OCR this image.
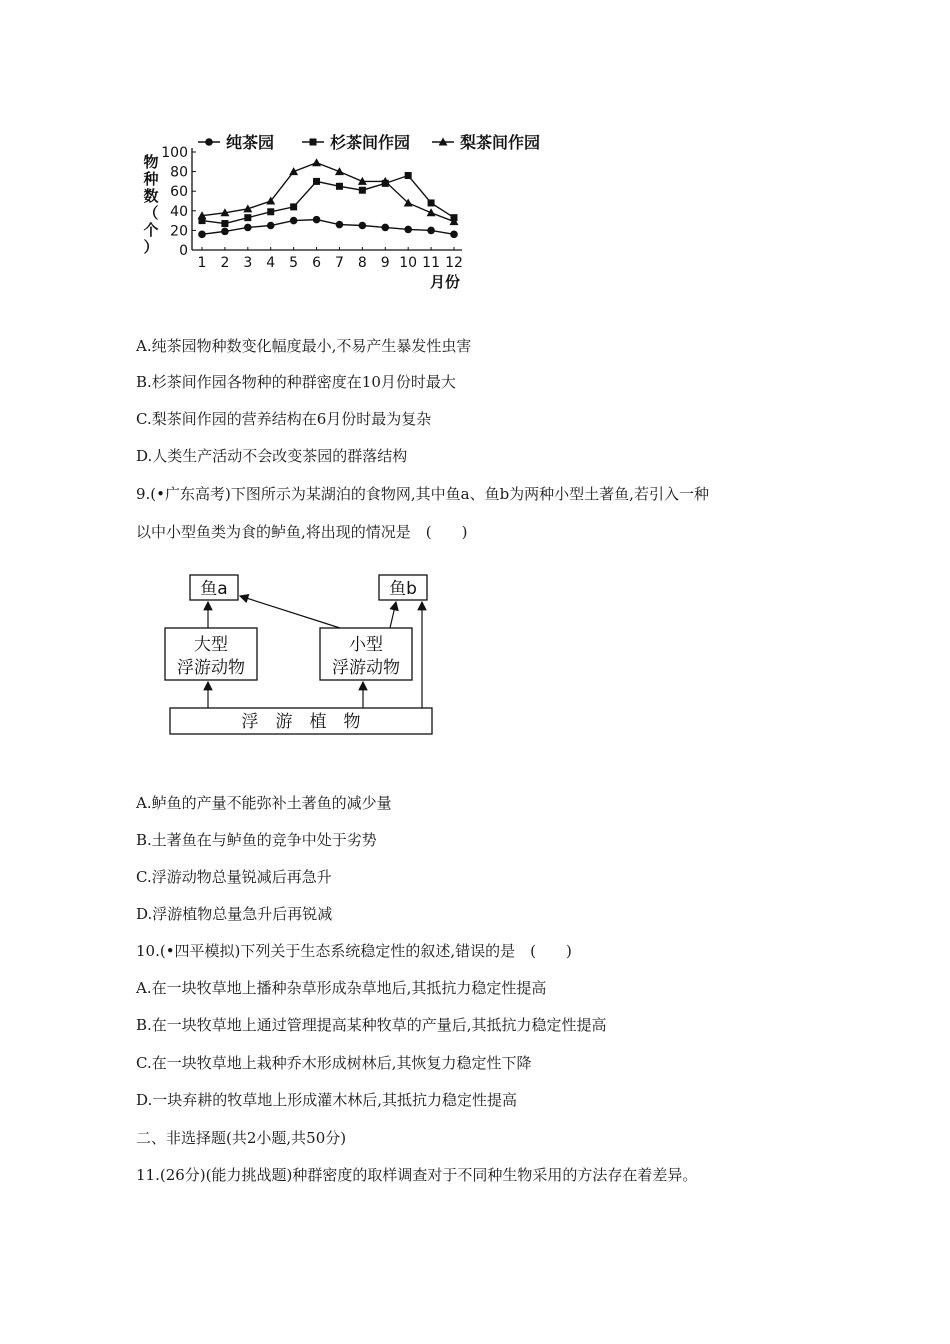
纯茶园	杉茶间作园	梨茶间作园
0
20
40
60
80
100
1 2 3 4 5 6 7 8 9 10 11 12
物
种
数
（
个
）
月份
A.纯茶园物种数变化幅度最小,不易产生暴发性虫害
B.杉茶间作园各物种的种群密度在10月份时最大
C.梨茶间作园的营养结构在6月份时最为复杂
D.人类生产活动不会改变茶园的群落结构
9.(•广东高考)下图所示为某湖泊的食物网,其中鱼a、鱼b为两种小型土著鱼,若引入一种
以中小型鱼类为食的鲈鱼,将出现的情况是　(　　)
鱼a	鱼b
大型
浮游动物
小型
浮游动物
浮　游　植　物
A.鲈鱼的产量不能弥补土著鱼的减少量
B.土著鱼在与鲈鱼的竞争中处于劣势
C.浮游动物总量锐减后再急升
D.浮游植物总量急升后再锐减
10.(•四平模拟)下列关于生态系统稳定性的叙述,错误的是　(　　)
A.在一块牧草地上播种杂草形成杂草地后,其抵抗力稳定性提高
B.在一块牧草地上通过管理提高某种牧草的产量后,其抵抗力稳定性提高
C.在一块牧草地上栽种乔木形成树林后,其恢复力稳定性下降
D.一块弃耕的牧草地上形成灌木林后,其抵抗力稳定性提高
二、非选择题(共2小题,共50分)
11.(26分)(能力挑战题)种群密度的取样调查对于不同种生物采用的方法存在着差异。
